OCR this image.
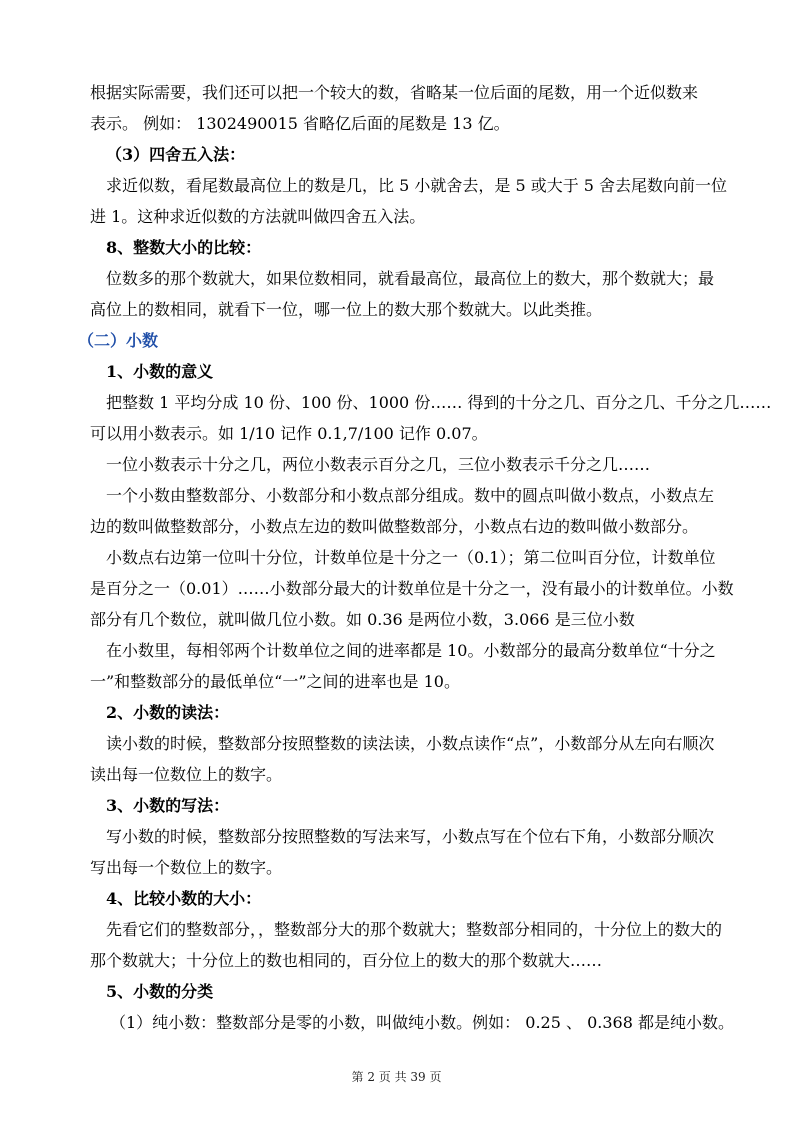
根据实际需要，我们还可以把一个较大的数，省略某一位后面的尾数，用一个近似数来
表示。 例如： 1302490015 省略亿后面的尾数是 13 亿。
（3）四舍五入法：
求近似数，看尾数最高位上的数是几，比 5 小就舍去，是 5 或大于 5 舍去尾数向前一位
进 1。这种求近似数的方法就叫做四舍五入法。
8、整数大小的比较：
位数多的那个数就大，如果位数相同，就看最高位，最高位上的数大，那个数就大；最
高位上的数相同，就看下一位，哪一位上的数大那个数就大。以此类推。
（二）小数
1、小数的意义
把整数 1 平均分成 10 份、100 份、1000 份…… 得到的十分之几、百分之几、千分之几……
可以用小数表示。如 1/10 记作 0.1,7/100 记作 0.07。
一位小数表示十分之几，两位小数表示百分之几，三位小数表示千分之几……
一个小数由整数部分、小数部分和小数点部分组成。数中的圆点叫做小数点，小数点左
边的数叫做整数部分，小数点左边的数叫做整数部分，小数点右边的数叫做小数部分。
小数点右边第一位叫十分位，计数单位是十分之一（0.1）；第二位叫百分位，计数单位
是百分之一（0.01）……小数部分最大的计数单位是十分之一，没有最小的计数单位。小数
部分有几个数位，就叫做几位小数。如 0.36 是两位小数，3.066 是三位小数
在小数里，每相邻两个计数单位之间的进率都是 10。小数部分的最高分数单位“十分之
一”和整数部分的最低单位“一”之间的进率也是 10。
2、小数的读法：
读小数的时候，整数部分按照整数的读法读，小数点读作“点”，小数部分从左向右顺次
读出每一位数位上的数字。
3、小数的写法：
写小数的时候，整数部分按照整数的写法来写，小数点写在个位右下角，小数部分顺次
写出每一个数位上的数字。
4、比较小数的大小：
先看它们的整数部分，，整数部分大的那个数就大；整数部分相同的，十分位上的数大的
那个数就大；十分位上的数也相同的，百分位上的数大的那个数就大……
5、小数的分类
（1）纯小数：整数部分是零的小数，叫做纯小数。例如： 0.25 、 0.368 都是纯小数。
第 2 页 共 39 页
